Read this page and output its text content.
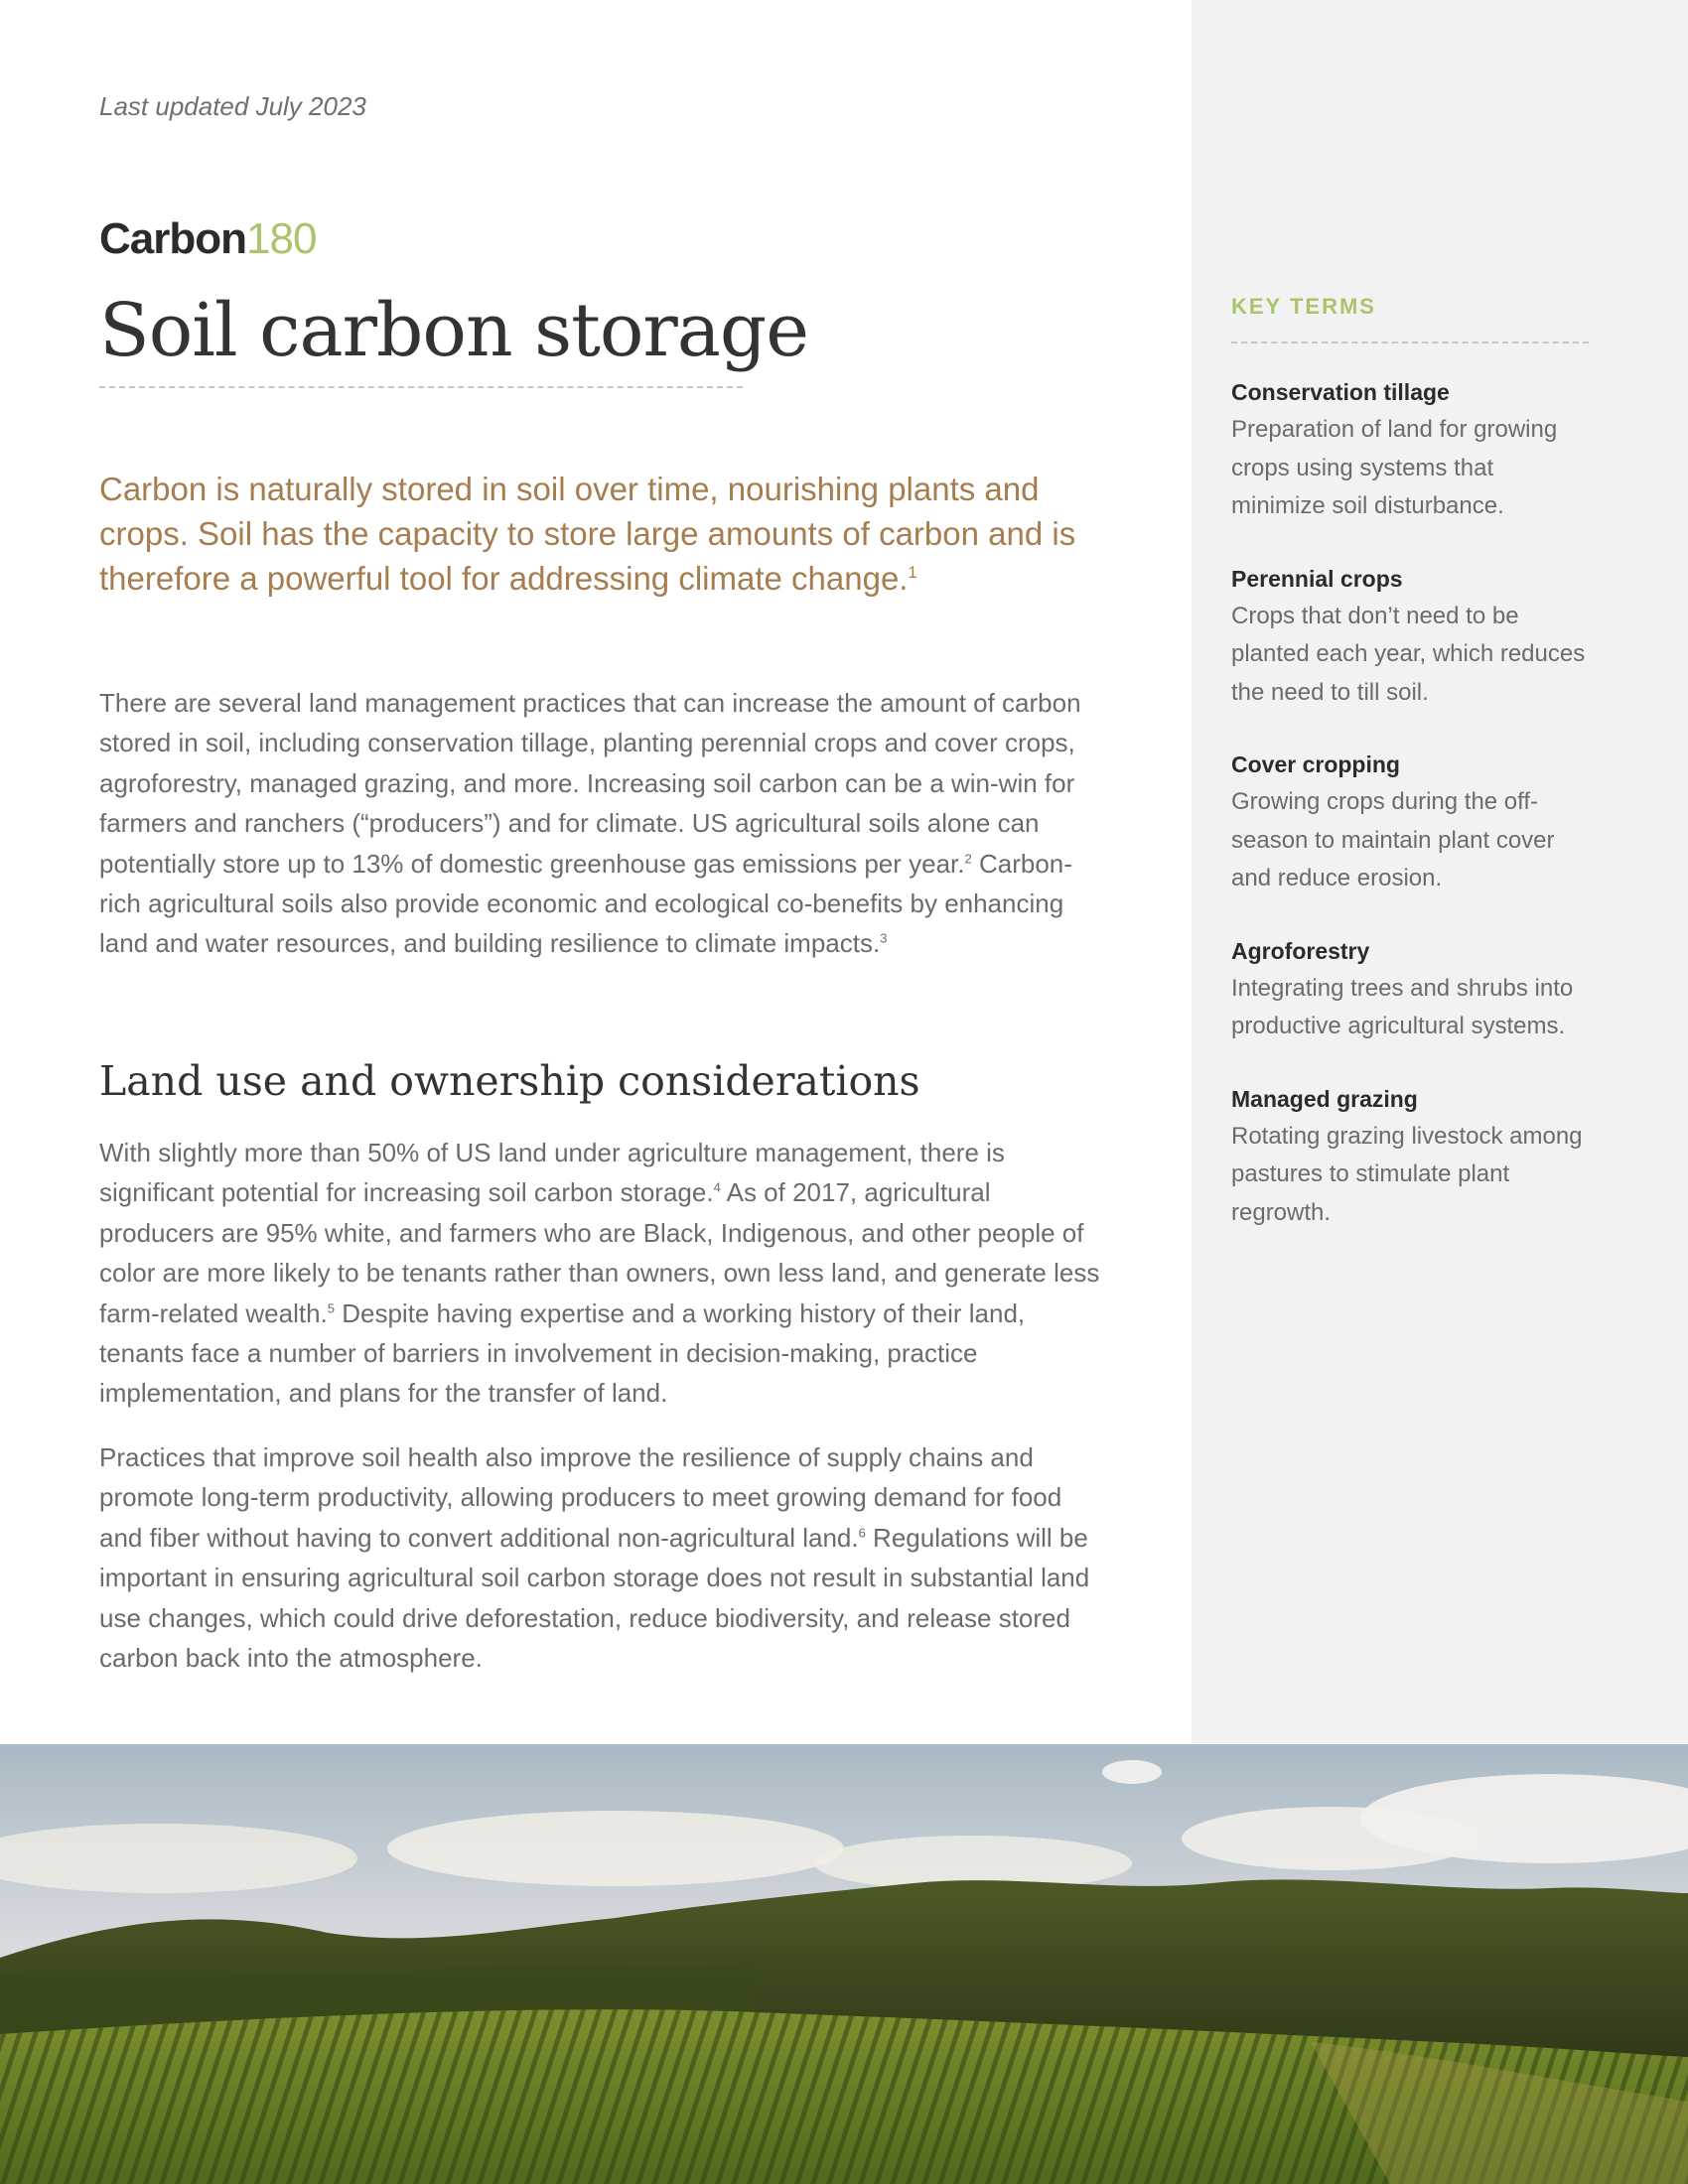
Last updated July 2023
Carbon180
Soil carbon storage

Carbon is naturally stored in soil over time, nourishing plants and crops. Soil has the capacity to store large amounts of carbon and is therefore a powerful tool for addressing climate change.$^1$

There are several land management practices that can increase the amount of carbon stored in soil, including conservation tillage, planting perennial crops and cover crops, agroforestry, managed grazing, and more. Increasing soil carbon can be a win-win for farmers and ranchers (“producers”) and for climate. US agricultural soils alone can potentially store up to 13% of domestic greenhouse gas emissions per year.$^2$ Carbon-rich agricultural soils also provide economic and ecological co-benefits by enhancing land and water resources, and building resilience to climate impacts.$^3$

Land use and ownership considerations

With slightly more than 50% of US land under agriculture management, there is significant potential for increasing soil carbon storage.$^4$ As of 2017, agricultural producers are 95% white, and farmers who are Black, Indigenous, and other people of color are more likely to be tenants rather than owners, own less land, and generate less farm-related wealth.$^5$ Despite having expertise and a working history of their land, tenants face a number of barriers in involvement in decision-making, practice implementation, and plans for the transfer of land.

Practices that improve soil health also improve the resilience of supply chains and promote long-term productivity, allowing producers to meet growing demand for food and fiber without having to convert additional non-agricultural land.$^6$ Regulations will be important in ensuring agricultural soil carbon storage does not result in substantial land use changes, which could drive deforestation, reduce biodiversity, and release stored carbon back into the atmosphere.

KEY TERMS
Conservation tillage
Preparation of land for growing crops using systems that minimize soil disturbance.
Perennial crops
Crops that don’t need to be planted each year, which reduces the need to till soil.
Cover cropping
Growing crops during the off-season to maintain plant cover and reduce erosion.
Agroforestry
Integrating trees and shrubs into productive agricultural systems.
Managed grazing
Rotating grazing livestock among pastures to stimulate plant regrowth.
